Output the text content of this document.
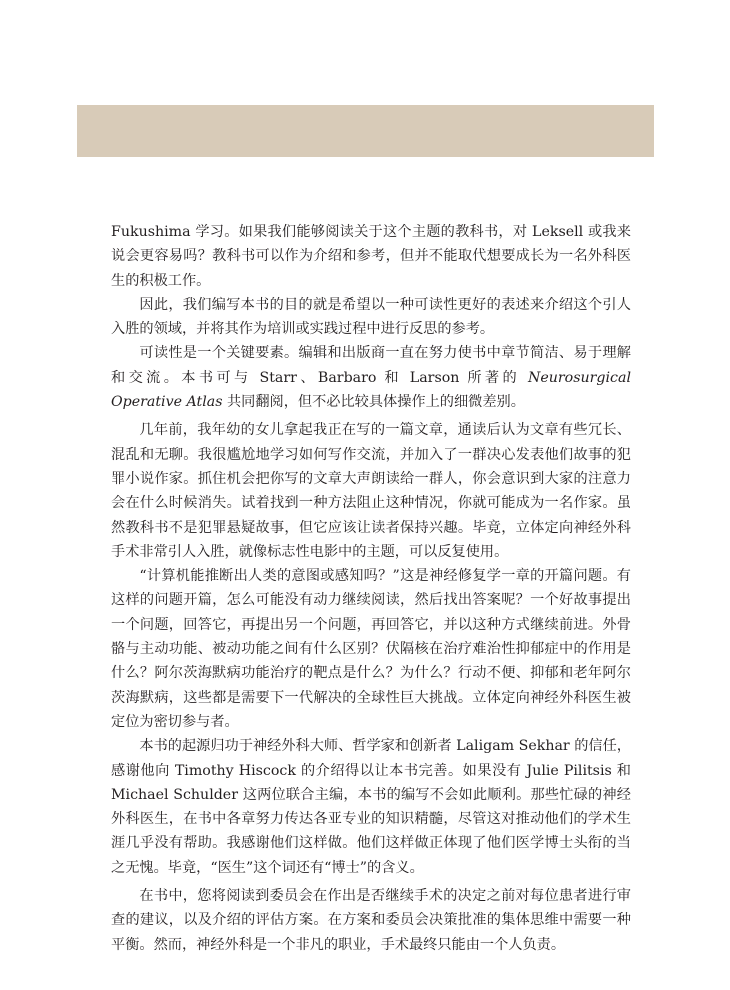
Fukushima 学习。如果我们能够阅读关于这个主题的教科书，对 Leksell 或我来说会更容易吗？教科书可以作为介绍和参考，但并不能取代想要成长为一名外科医生的积极工作。

因此，我们编写本书的目的就是希望以一种可读性更好的表述来介绍这个引人入胜的领域，并将其作为培训或实践过程中进行反思的参考。

可读性是一个关键要素。编辑和出版商一直在努力使书中章节简洁、易于理解和交流。本书可与 Starr、Barbaro 和 Larson 所著的 Neurosurgical Operative Atlas 共同翻阅，但不必比较具体操作上的细微差别。

几年前，我年幼的女儿拿起我正在写的一篇文章，通读后认为文章有些冗长、混乱和无聊。我很尴尬地学习如何写作交流，并加入了一群决心发表他们故事的犯罪小说作家。抓住机会把你写的文章大声朗读给一群人，你会意识到大家的注意力会在什么时候消失。试着找到一种方法阻止这种情况，你就可能成为一名作家。虽然教科书不是犯罪悬疑故事，但它应该让读者保持兴趣。毕竟，立体定向神经外科手术非常引人入胜，就像标志性电影中的主题，可以反复使用。

“计算机能推断出人类的意图或感知吗？”这是神经修复学一章的开篇问题。有这样的问题开篇，怎么可能没有动力继续阅读，然后找出答案呢？一个好故事提出一个问题，回答它，再提出另一个问题，再回答它，并以这种方式继续前进。外骨骼与主动功能、被动功能之间有什么区别？伏隔核在治疗难治性抑郁症中的作用是什么？阿尔茨海默病功能治疗的靶点是什么？为什么？行动不便、抑郁和老年阿尔茨海默病，这些都是需要下一代解决的全球性巨大挑战。立体定向神经外科医生被定位为密切参与者。

本书的起源归功于神经外科大师、哲学家和创新者 Laligam Sekhar 的信任，感谢他向 Timothy Hiscock 的介绍得以让本书完善。如果没有 Julie Pilitsis 和 Michael Schulder 这两位联合主编，本书的编写不会如此顺利。那些忙碌的神经外科医生，在书中各章努力传达各亚专业的知识精髓，尽管这对推动他们的学术生涯几乎没有帮助。我感谢他们这样做。他们这样做正体现了他们医学博士头衔的当之无愧。毕竟，“医生”这个词还有“博士”的含义。

在书中，您将阅读到委员会在作出是否继续手术的决定之前对每位患者进行审查的建议，以及介绍的评估方案。在方案和委员会决策批准的集体思维中需要一种平衡。然而，神经外科是一个非凡的职业，手术最终只能由一个人负责。
